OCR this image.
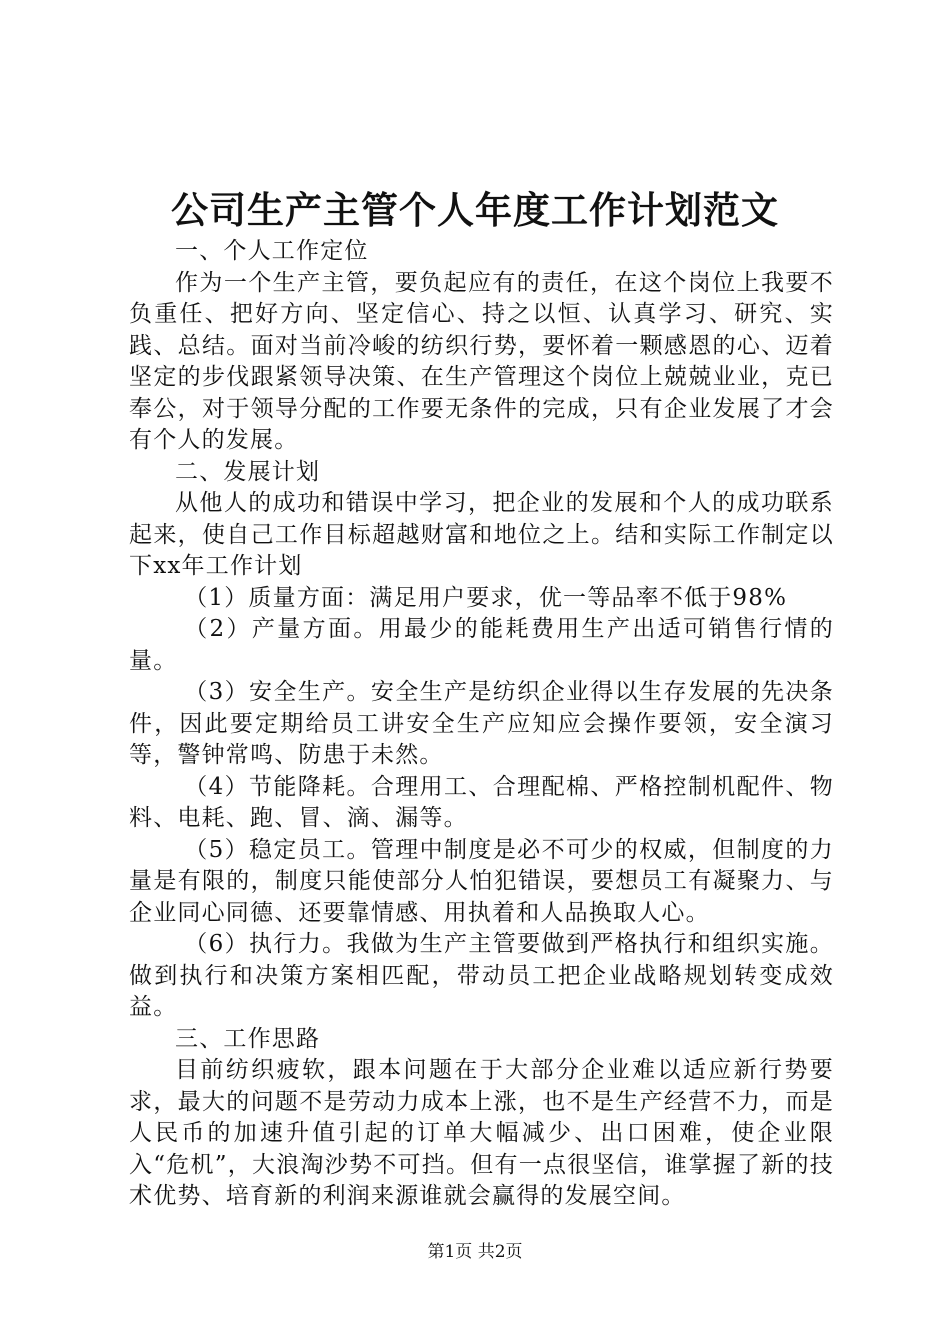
公司生产主管个人年度工作计划范文

一、个人工作定位

作为一个生产主管，要负起应有的责任，在这个岗位上我要不负重任、把好方向、坚定信心、持之以恒、认真学习、研究、实践、总结。面对当前冷峻的纺织行势，要怀着一颗感恩的心、迈着坚定的步伐跟紧领导决策、在生产管理这个岗位上兢兢业业，克已奉公，对于领导分配的工作要无条件的完成，只有企业发展了才会有个人的发展。

二、发展计划

从他人的成功和错误中学习，把企业的发展和个人的成功联系起来，使自己工作目标超越财富和地位之上。结和实际工作制定以下xx年工作计划

（1）质量方面：满足用户要求，优一等品率不低于98%

（2）产量方面。用最少的能耗费用生产出适可销售行情的量。

（3）安全生产。安全生产是纺织企业得以生存发展的先决条件，因此要定期给员工讲安全生产应知应会操作要领，安全演习等，警钟常鸣、防患于未然。

（4）节能降耗。合理用工、合理配棉、严格控制机配件、物料、电耗、跑、冒、滴、漏等。

（5）稳定员工。管理中制度是必不可少的权威，但制度的力量是有限的，制度只能使部分人怕犯错误，要想员工有凝聚力、与企业同心同德、还要靠情感、用执着和人品换取人心。

（6）执行力。我做为生产主管要做到严格执行和组织实施。做到执行和决策方案相匹配，带动员工把企业战略规划转变成效益。

三、工作思路

目前纺织疲软，跟本问题在于大部分企业难以适应新行势要求，最大的问题不是劳动力成本上涨，也不是生产经营不力，而是人民币的加速升值引起的订单大幅减少、出口困难，使企业限入“危机”，大浪淘沙势不可挡。但有一点很坚信，谁掌握了新的技术优势、培育新的利润来源谁就会赢得的发展空间。

第1页 共2页
